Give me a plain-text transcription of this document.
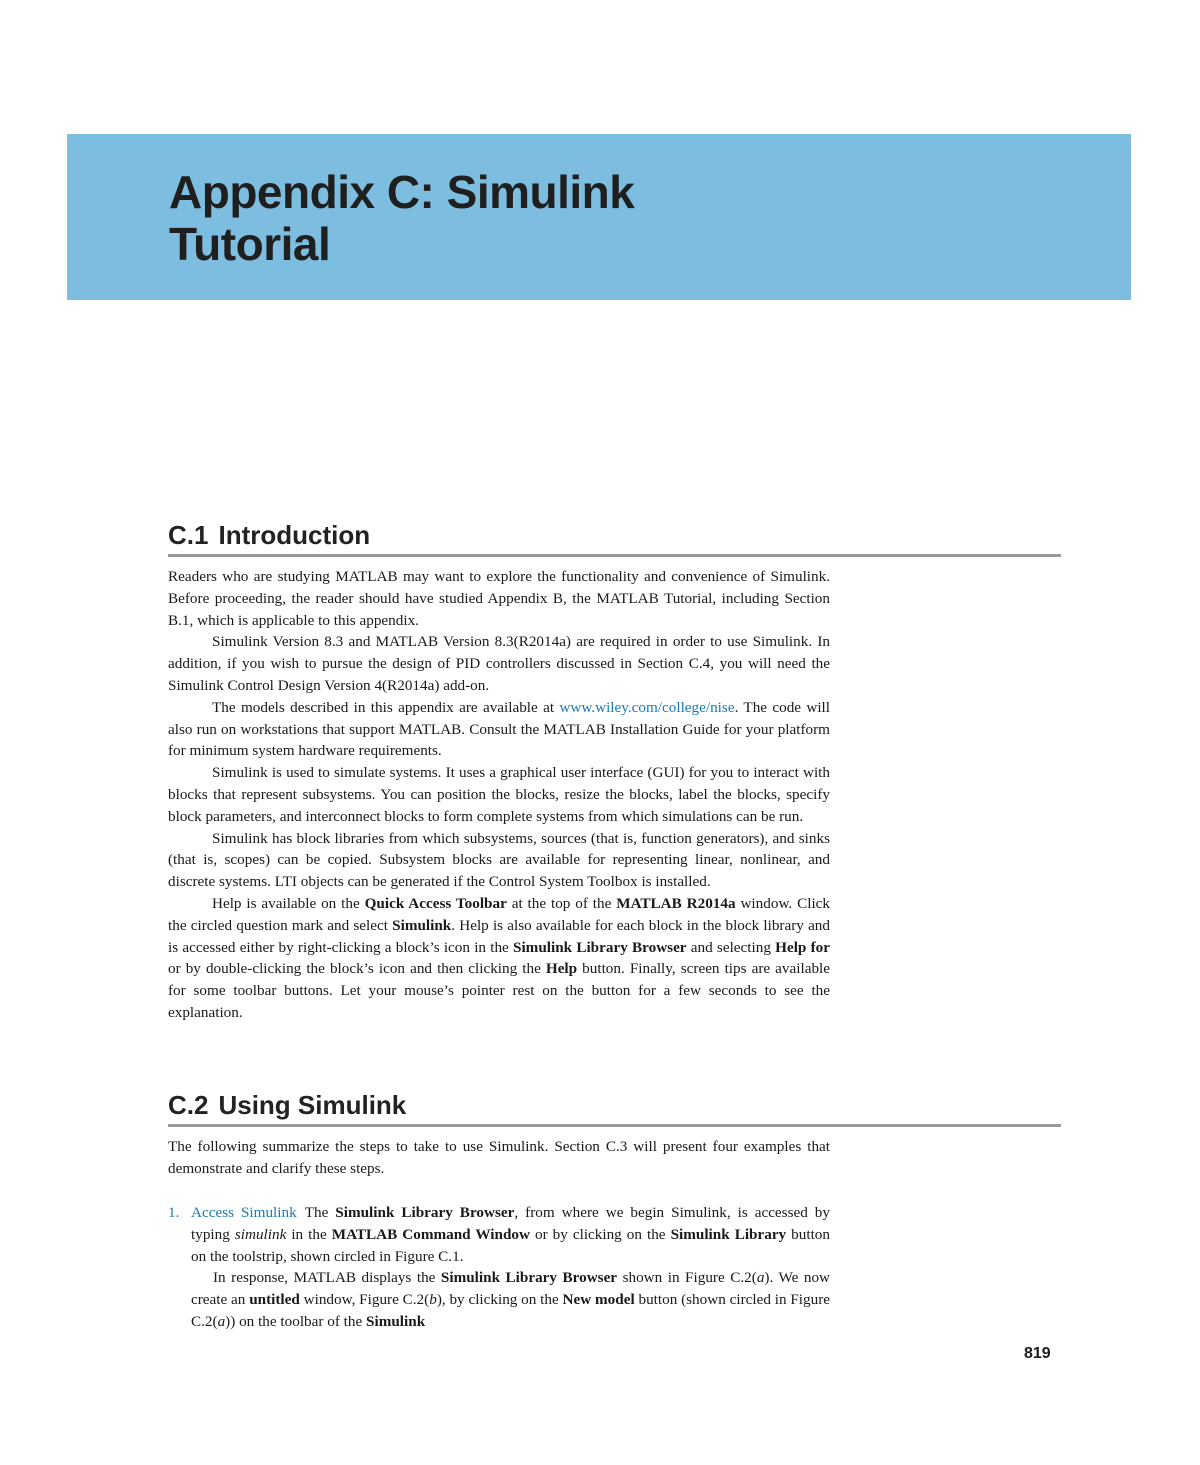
Appendix C: Simulink
Tutorial
C.1 Introduction

Readers who are studying MATLAB may want to explore the functionality and convenience of Simulink. Before proceeding, the reader should have studied Appendix B, the MATLAB Tutorial, including Section B.1, which is applicable to this appendix.

Simulink Version 8.3 and MATLAB Version 8.3(R2014a) are required in order to use Simulink. In addition, if you wish to pursue the design of PID controllers discussed in Section C.4, you will need the Simulink Control Design Version 4(R2014a) add-on.

The models described in this appendix are available at www.wiley.com/college/nise. The code will also run on workstations that support MATLAB. Consult the MATLAB Installation Guide for your platform for minimum system hardware requirements.

Simulink is used to simulate systems. It uses a graphical user interface (GUI) for you to interact with blocks that represent subsystems. You can position the blocks, resize the blocks, label the blocks, specify block parameters, and interconnect blocks to form complete systems from which simulations can be run.

Simulink has block libraries from which subsystems, sources (that is, function generators), and sinks (that is, scopes) can be copied. Subsystem blocks are available for representing linear, nonlinear, and discrete systems. LTI objects can be generated if the Control System Toolbox is installed.

Help is available on the Quick Access Toolbar at the top of the MATLAB R2014a window. Click the circled question mark and select Simulink. Help is also available for each block in the block library and is accessed either by right-clicking a block’s icon in the Simulink Library Browser and selecting Help for or by double-clicking the block’s icon and then clicking the Help button. Finally, screen tips are available for some toolbar buttons. Let your mouse’s pointer rest on the button for a few seconds to see the explanation.

C.2 Using Simulink

The following summarize the steps to take to use Simulink. Section C.3 will present four examples that demonstrate and clarify these steps.

1. Access Simulink The Simulink Library Browser, from where we begin Simulink, is accessed by typing simulink in the MATLAB Command Window or by clicking on the Simulink Library button on the toolstrip, shown circled in Figure C.1.

In response, MATLAB displays the Simulink Library Browser shown in Figure C.2(a). We now create an untitled window, Figure C.2(b), by clicking on the New model button (shown circled in Figure C.2(a)) on the toolbar of the Simulink

819
